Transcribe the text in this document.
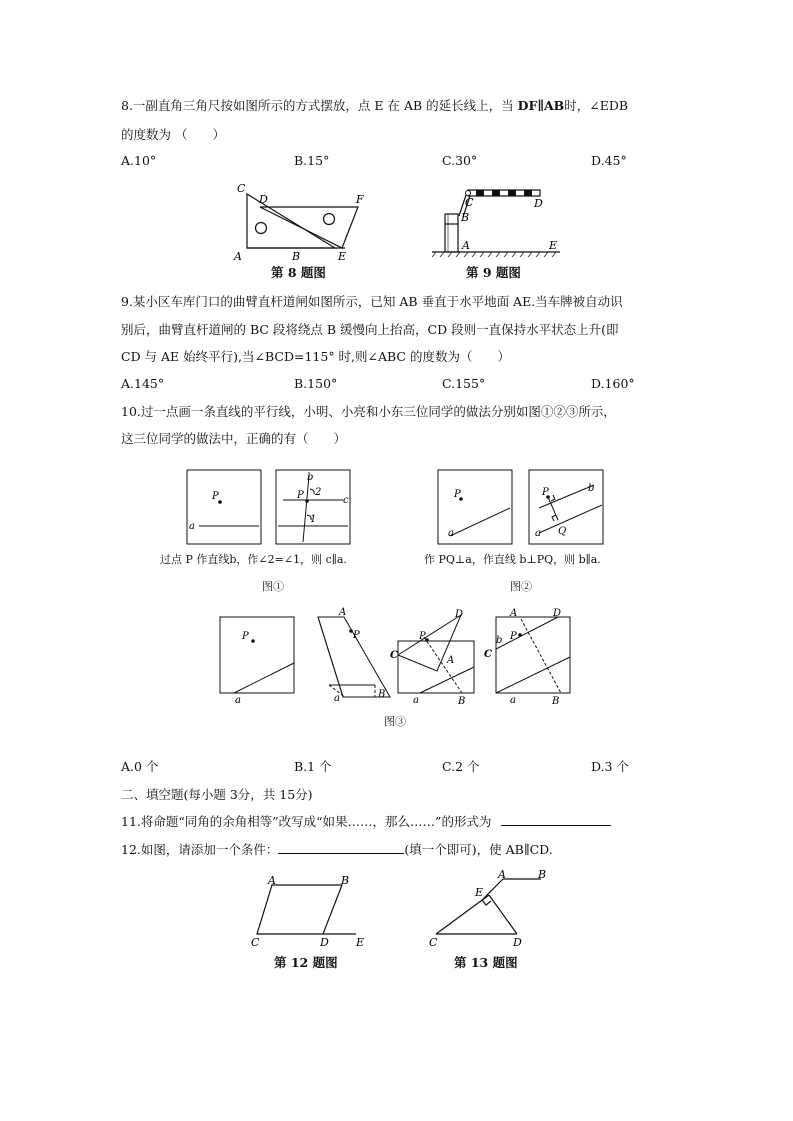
8.一副直角三角尺按如图所示的方式摆放，点 E 在 AB 的延长线上，当 DF∥AB时，∠EDB
的度数为 （　　）
A.10°	B.15°	C.30°	D.45°
C
D	F
A	B	E
第 8 题图
C	D
B
A	E
第 9 题图
9.某小区车库门口的曲臂直杆道闸如图所示，已知 AB 垂直于水平地面 AE.当车牌被自动识
别后，曲臂直杆道闸的 BC 段将绕点 B 缓慢向上抬高，CD 段则一直保持水平状态上升(即
CD 与 AE 始终平行),当∠BCD=115° 时,则∠ABC 的度数为（　　）
A.145°	B.150°	C.155°	D.160°
10.过一点画一条直线的平行线，小明、小亮和小东三位同学的做法分别如图①②③所示，
这三位同学的做法中，正确的有（　　）
P
a
b
P 2
c
1
过点 P 作直线b，作∠2=∠1，则 c∥a.
图①
P
a
P	b
a Q
作 PQ⊥a，作直线 b⊥PQ，则 b∥a.
图②
P
a
A
P
a	B
D
P
C	A
a	B
A	D
b P
C
a	B
图③
A.0 个	B.1 个	C.2 个	D.3 个
二、填空题(每小题 3分，共 15分)
11.将命题“同角的余角相等”改写成“如果……，那么……”的形式为
12.如图，请添加一个条件：	(填一个即可)，使 AB∥CD.
A	B
C	D E
第 12 题图
E
A	B
C	D
第 13 题图
